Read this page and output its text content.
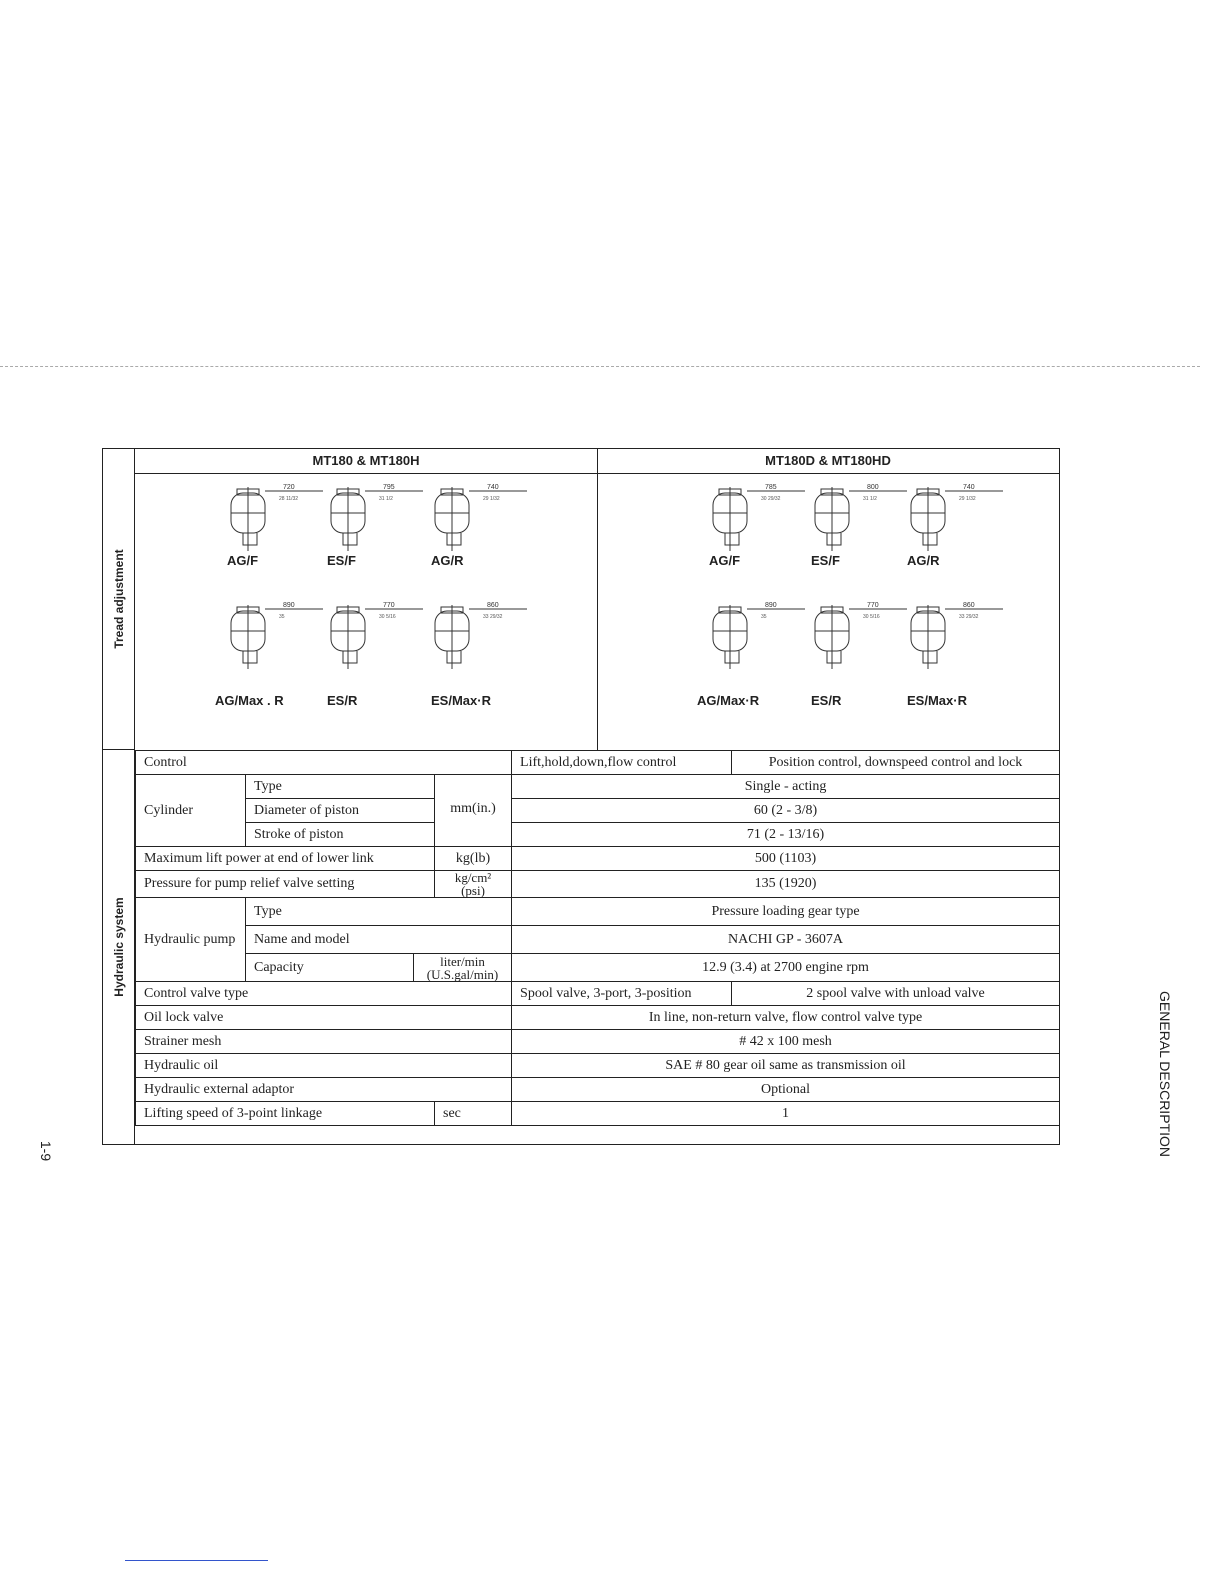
Tread adjustment
Hydraulic system
MT180 & MT180H	MT180D & MT180HD
720
28 11/32
AG/F
795
31 1/2
ES/F
740
29 1/32
AG/R
890
35
AG/Max . R
770
30 5/16
ES/R
860
33 29/32
ES/Max·R
785
30 29/32
AG/F
800
31 1/2
ES/F
740
29 1/32
AG/R
890
35
AG/Max·R
770
30 5/16
ES/R
860
33 29/32
ES/Max·R
Control				Lift,hold,down,flow control	Position control, downspeed control and lock
Cylinder	Type			Single - acting	
	Diameter of piston		mm(in.)	60 (2 - 3/8)	
	Stroke of piston			71 (2 - 13/16)	
Maximum lift power at end of lower link			kg(lb)	500 (1103)	
Pressure for pump relief valve setting			kg/cm²
(psi)	135 (1920)	
Hydraulic pump	Type			Pressure loading gear type	
	Name and model			NACHI GP - 3607A	
	Capacity	liter/min
(U.S.gal/min)		12.9 (3.4) at 2700 engine rpm	
Control valve type				Spool valve, 3-port, 3-position	2 spool valve with unload valve
Oil lock valve				In line, non-return valve, flow control valve type	
Strainer mesh				# 42 x 100 mesh	
Hydraulic oil				SAE # 80 gear oil same as transmission oil	
Hydraulic external adaptor				Optional	
Lifting speed of 3-point linkage			sec	1		GENERAL DESCRIPTION
1-9
